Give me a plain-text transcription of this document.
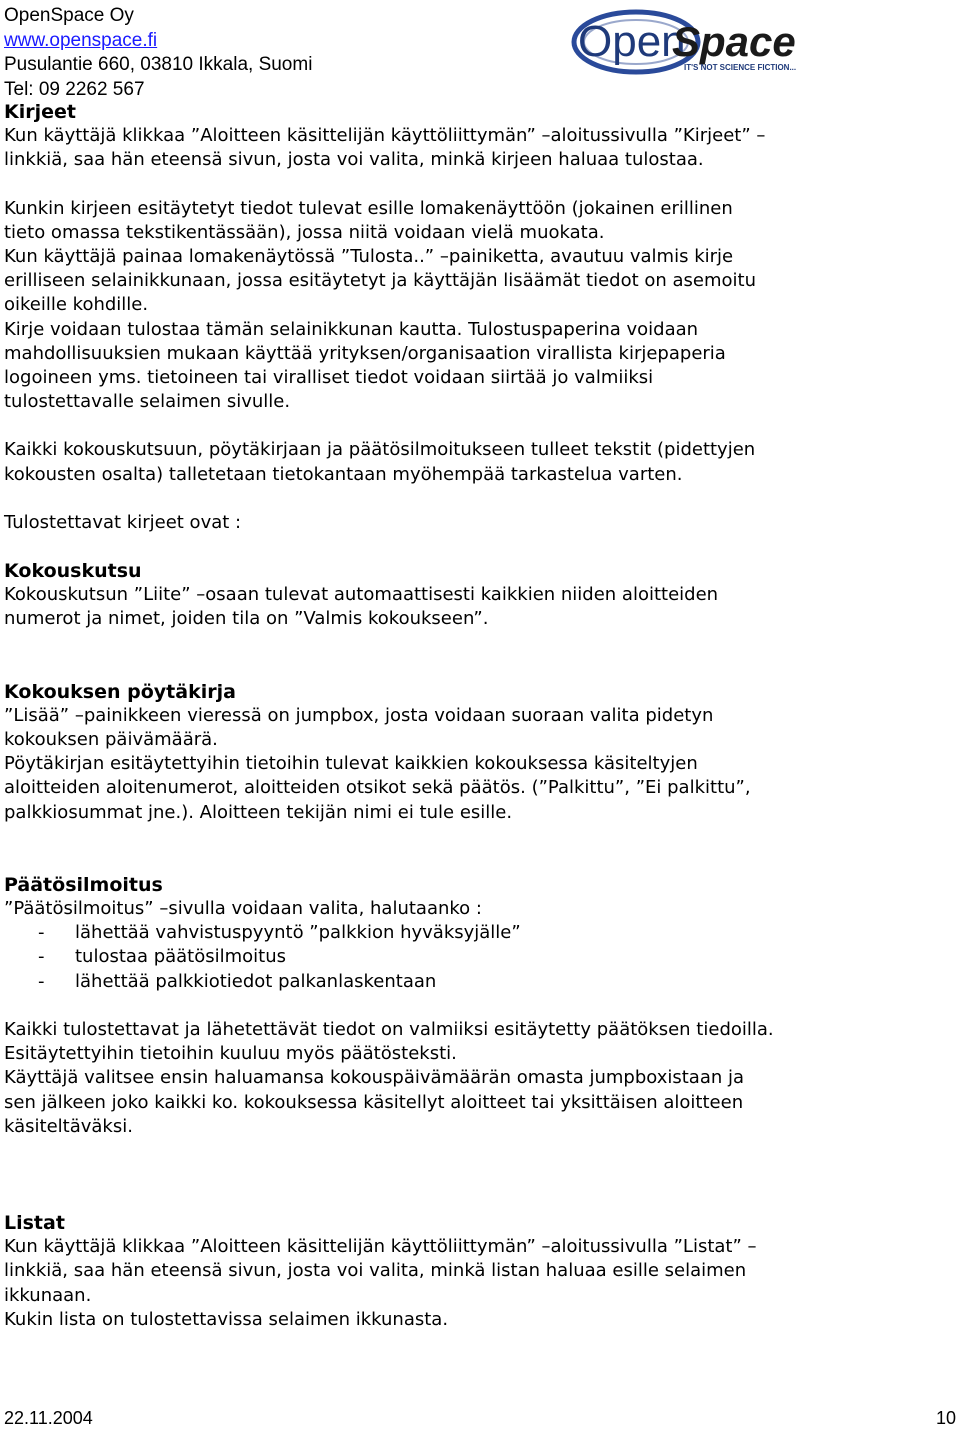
OpenSpace Oy
www.openspace.fi
Pusulantie 660, 03810 Ikkala, Suomi
Tel: 09 2262 567
Open
Space
IT'S NOT SCIENCE FICTION...

Kirjeet

Kun käyttäjä klikkaa ”Aloitteen käsittelijän käyttöliittymän” –aloitussivulla ”Kirjeet” –

linkkiä, saa hän eteensä sivun, josta voi valita, minkä kirjeen haluaa tulostaa.

Kunkin kirjeen esitäytetyt tiedot tulevat esille lomakenäyttöön (jokainen erillinen

tieto omassa tekstikentässään), jossa niitä voidaan vielä muokata.

Kun käyttäjä painaa lomakenäytössä ”Tulosta..” –painiketta, avautuu valmis kirje

erilliseen selainikkunaan, jossa esitäytetyt ja käyttäjän lisäämät tiedot on asemoitu

oikeille kohdille.

Kirje voidaan tulostaa tämän selainikkunan kautta. Tulostuspaperina voidaan

mahdollisuuksien mukaan käyttää yrityksen/organisaation virallista kirjepaperia

logoineen yms. tietoineen tai viralliset tiedot voidaan siirtää jo valmiiksi

tulostettavalle selaimen sivulle.

Kaikki kokouskutsuun, pöytäkirjaan ja päätösilmoitukseen tulleet tekstit (pidettyjen

kokousten osalta) talletetaan tietokantaan myöhempää tarkastelua varten.

Tulostettavat kirjeet ovat :

Kokouskutsu

Kokouskutsun ”Liite” –osaan tulevat automaattisesti kaikkien niiden aloitteiden

numerot ja nimet, joiden tila on ”Valmis kokoukseen”.

Kokouksen pöytäkirja

”Lisää” –painikkeen vieressä on jumpbox, josta voidaan suoraan valita pidetyn

kokouksen päivämäärä.

Pöytäkirjan esitäytettyihin tietoihin tulevat kaikkien kokouksessa käsiteltyjen

aloitteiden aloitenumerot, aloitteiden otsikot sekä päätös. (”Palkittu”, ”Ei palkittu”,

palkkiosummat jne.). Aloitteen tekijän nimi ei tule esille.

Päätösilmoitus

”Päätösilmoitus” –sivulla voidaan valita, halutaanko :

-	lähettää vahvistuspyyntö ”palkkion hyväksyjälle”
-	tulostaa päätösilmoitus
-	lähettää palkkiotiedot palkanlaskentaan

Kaikki tulostettavat ja lähetettävät tiedot on valmiiksi esitäytetty päätöksen tiedoilla.

Esitäytettyihin tietoihin kuuluu myös päätösteksti.

Käyttäjä valitsee ensin haluamansa kokouspäivämäärän omasta jumpboxistaan ja

sen jälkeen joko kaikki ko. kokouksessa käsitellyt aloitteet tai yksittäisen aloitteen

käsiteltäväksi.

Listat

Kun käyttäjä klikkaa ”Aloitteen käsittelijän käyttöliittymän” –aloitussivulla ”Listat” –

linkkiä, saa hän eteensä sivun, josta voi valita, minkä listan haluaa esille selaimen

ikkunaan.

Kukin lista on tulostettavissa selaimen ikkunasta.

22.11.2004	10
